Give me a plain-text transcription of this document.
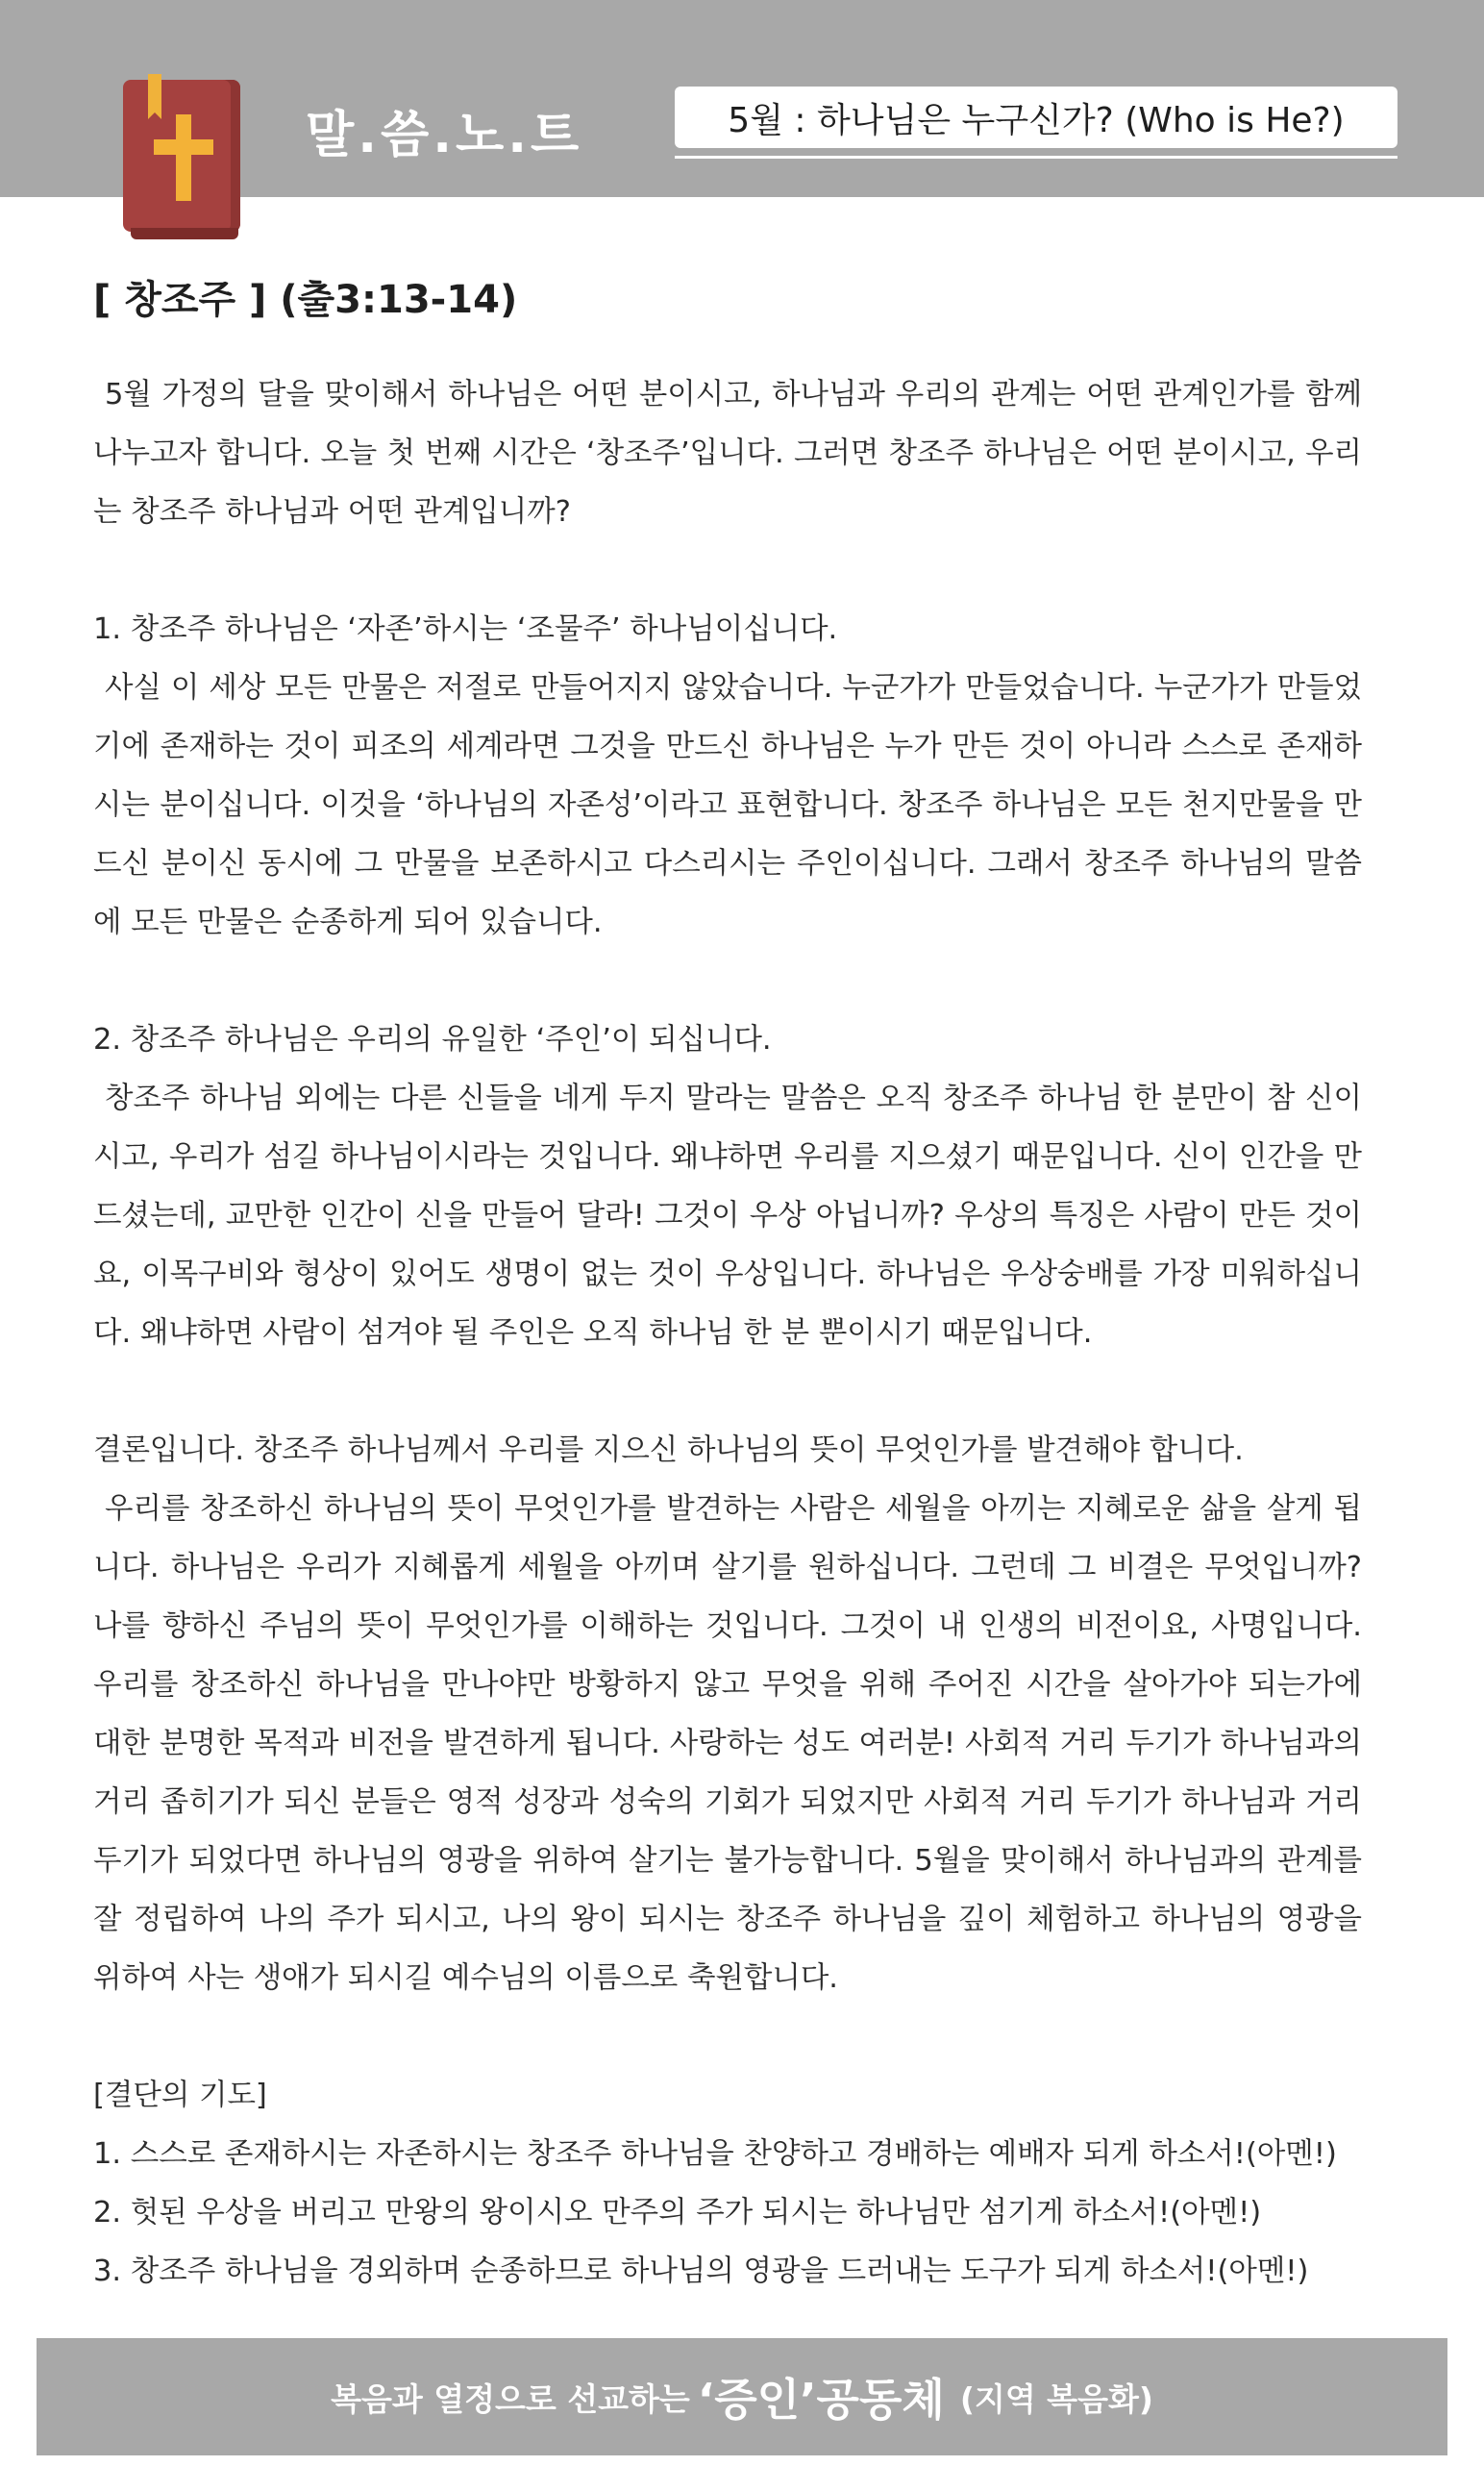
말.씀.노.트	5월 : 하나님은 누구신가? (Who is He?)
[ 창조주 ] (출3:13-14)

5월 가정의 달을 맞이해서 하나님은 어떤 분이시고, 하나님과 우리의 관계는 어떤 관계인가를 함께 나누고자 합니다. 오늘 첫 번째 시간은 ‘창조주’입니다. 그러면 창조주 하나님은 어떤 분이시고, 우리는 창조주 하나님과 어떤 관계입니까?

1. 창조주 하나님은 ‘자존’하시는 ‘조물주’ 하나님이십니다.

사실 이 세상 모든 만물은 저절로 만들어지지 않았습니다. 누군가가 만들었습니다. 누군가가 만들었기에 존재하는 것이 피조의 세계라면 그것을 만드신 하나님은 누가 만든 것이 아니라 스스로 존재하시는 분이십니다. 이것을 ‘하나님의 자존성’이라고 표현합니다. 창조주 하나님은 모든 천지만물을 만드신 분이신 동시에 그 만물을 보존하시고 다스리시는 주인이십니다. 그래서 창조주 하나님의 말씀에 모든 만물은 순종하게 되어 있습니다.

2. 창조주 하나님은 우리의 유일한 ‘주인’이 되십니다.

창조주 하나님 외에는 다른 신들을 네게 두지 말라는 말씀은 오직 창조주 하나님 한 분만이 참 신이시고, 우리가 섬길 하나님이시라는 것입니다. 왜냐하면 우리를 지으셨기 때문입니다. 신이 인간을 만드셨는데, 교만한 인간이 신을 만들어 달라! 그것이 우상 아닙니까? 우상의 특징은 사람이 만든 것이요, 이목구비와 형상이 있어도 생명이 없는 것이 우상입니다. 하나님은 우상숭배를 가장 미워하십니다. 왜냐하면 사람이 섬겨야 될 주인은 오직 하나님 한 분 뿐이시기 때문입니다.

결론입니다. 창조주 하나님께서 우리를 지으신 하나님의 뜻이 무엇인가를 발견해야 합니다.

우리를 창조하신 하나님의 뜻이 무엇인가를 발견하는 사람은 세월을 아끼는 지혜로운 삶을 살게 됩니다. 하나님은 우리가 지혜롭게 세월을 아끼며 살기를 원하십니다. 그런데 그 비결은 무엇입니까? 나를 향하신 주님의 뜻이 무엇인가를 이해하는 것입니다. 그것이 내 인생의 비전이요, 사명입니다. 우리를 창조하신 하나님을 만나야만 방황하지 않고 무엇을 위해 주어진 시간을 살아가야 되는가에 대한 분명한 목적과 비전을 발견하게 됩니다. 사랑하는 성도 여러분! 사회적 거리 두기가 하나님과의 거리 좁히기가 되신 분들은 영적 성장과 성숙의 기회가 되었지만 사회적 거리 두기가 하나님과 거리 두기가 되었다면 하나님의 영광을 위하여 살기는 불가능합니다. 5월을 맞이해서 하나님과의 관계를 잘 정립하여 나의 주가 되시고, 나의 왕이 되시는 창조주 하나님을 깊이 체험하고 하나님의 영광을 위하여 사는 생애가 되시길 예수님의 이름으로 축원합니다.

[결단의 기도]

1. 스스로 존재하시는 자존하시는 창조주 하나님을 찬양하고 경배하는 예배자 되게 하소서!(아멘!)

2. 헛된 우상을 버리고 만왕의 왕이시오 만주의 주가 되시는 하나님만 섬기게 하소서!(아멘!)

3. 창조주 하나님을 경외하며 순종하므로 하나님의 영광을 드러내는 도구가 되게 하소서!(아멘!)

복음과 열정으로 선교하는 ‘증인’공동체 (지역 복음화)
